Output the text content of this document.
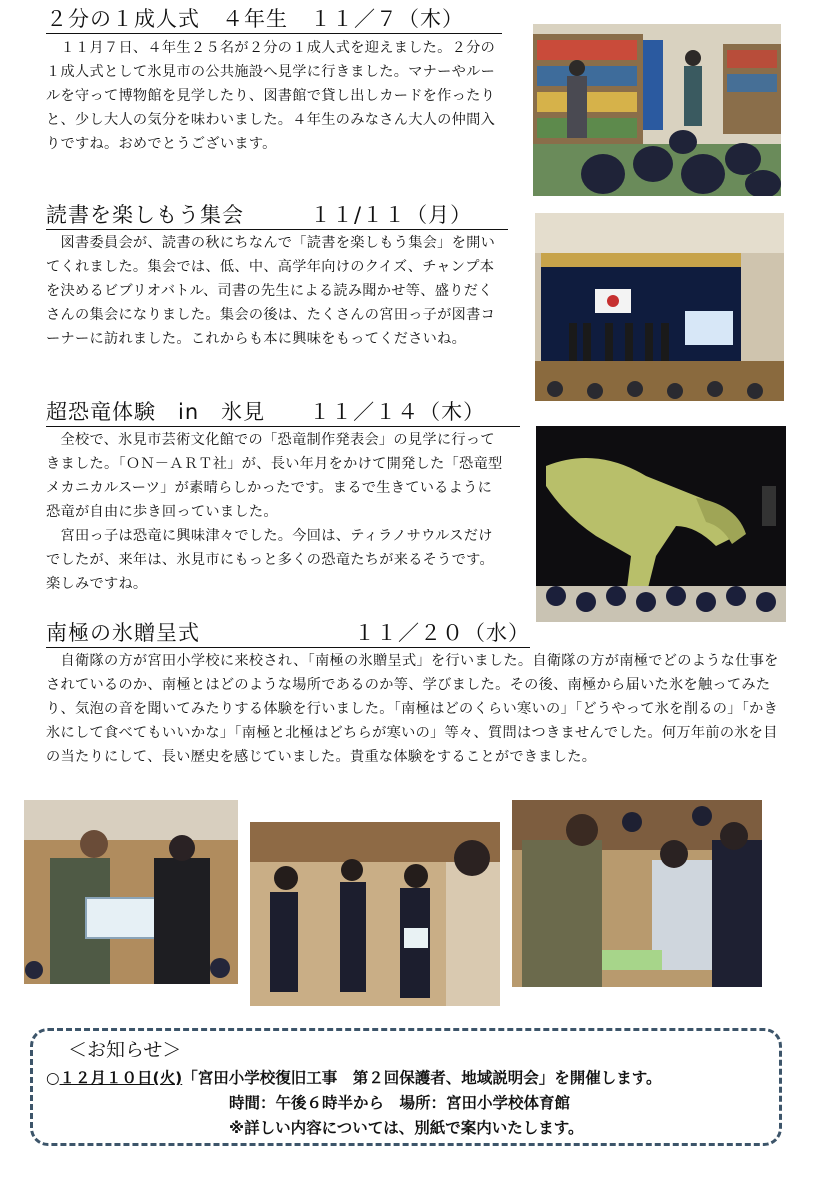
２分の１成人式　４年生　１１／７（木）

　１１月７日、４年生２５名が２分の１成人式を迎えました。２分の１成人式として氷見市の公共施設へ見学に行きました。マナーやルールを守って博物館を見学したり、図書館で貸し出しカードを作ったりと、少し大人の気分を味わいました。４年生のみなさん大人の仲間入りですね。おめでとうございます。

読書を楽しもう集会　　　１１/１１（月）

　図書委員会が、読書の秋にちなんで「読書を楽しもう集会」を開いてくれました。集会では、低、中、高学年向けのクイズ、チャンプ本を決めるビブリオバトル、司書の先生による読み聞かせ等、盛りだくさんの集会になりました。集会の後は、たくさんの宮田っ子が図書コーナーに訪れました。これからも本に興味をもってくださいね。

超恐竜体験　in　氷見　　１１／１４（木）

　全校で、氷見市芸術文化館での「恐竜制作発表会」の見学に行ってきました。「ＯＮ－ＡＲＴ社」が、長い年月をかけて開発した「恐竜型メカニカルスーツ」が素晴らしかったです。まるで生きているように恐竜が自由に歩き回っていました。

　宮田っ子は恐竜に興味津々でした。今回は、ティラノサウルスだけでしたが、来年は、氷見市にもっと多くの恐竜たちが来るそうです。楽しみですね。

南極の氷贈呈式　　　　　　　１１／２０（水）

　自衛隊の方が宮田小学校に来校され、「南極の氷贈呈式」を行いました。自衛隊の方が南極でどのような仕事をされているのか、南極とはどのような場所であるのか等、学びました。その後、南極から届いた氷を触ってみたり、気泡の音を聞いてみたりする体験を行いました。「南極はどのくらい寒いの」「どうやって氷を削るの」「かき氷にして食べてもいいかな」「南極と北極はどちらが寒いの」等々、質問はつきませんでした。何万年前の氷を目の当たりにして、長い歴史を感じていました。貴重な体験をすることができました。

＜お知らせ＞
○１２月１０日(火)「宮田小学校復旧工事　第２回保護者、地域説明会」を開催します。
時間：午後６時半から　場所：宮田小学校体育館
※詳しい内容については、別紙で案内いたします。
